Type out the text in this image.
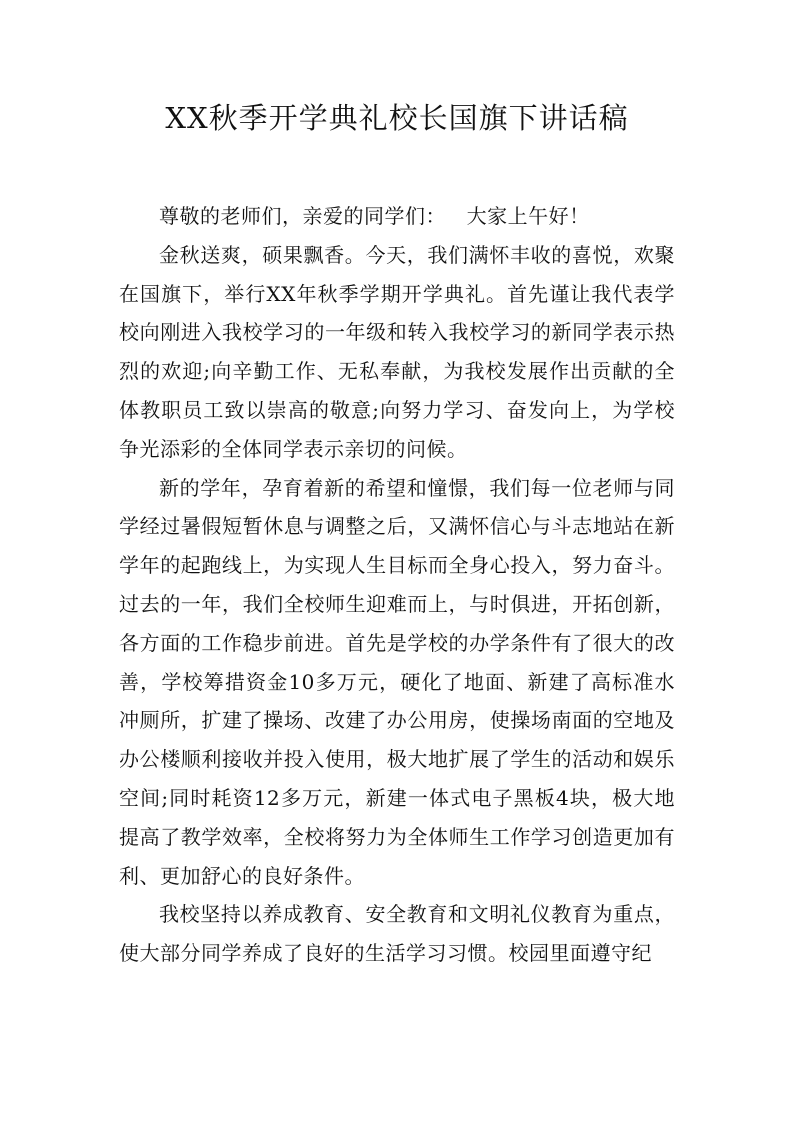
XX秋季开学典礼校长国旗下讲话稿

尊敬的老师们，亲爱的同学们：   大家上午好！

金秋送爽，硕果飘香。今天，我们满怀丰收的喜悦，欢聚在国旗下，举行XX年秋季学期开学典礼。首先谨让我代表学校向刚进入我校学习的一年级和转入我校学习的新同学表示热烈的欢迎;向辛勤工作、无私奉献，为我校发展作出贡献的全体教职员工致以崇高的敬意;向努力学习、奋发向上，为学校争光添彩的全体同学表示亲切的问候。

新的学年，孕育着新的希望和憧憬，我们每一位老师与同学经过暑假短暂休息与调整之后，又满怀信心与斗志地站在新学年的起跑线上，为实现人生目标而全身心投入，努力奋斗。过去的一年，我们全校师生迎难而上，与时俱进，开拓创新，各方面的工作稳步前进。首先是学校的办学条件有了很大的改善，学校筹措资金10多万元，硬化了地面、新建了高标准水冲厕所，扩建了操场、改建了办公用房，使操场南面的空地及办公楼顺利接收并投入使用，极大地扩展了学生的活动和娱乐空间;同时耗资12多万元，新建一体式电子黑板4块，极大地提高了教学效率，全校将努力为全体师生工作学习创造更加有利、更加舒心的良好条件。

我校坚持以养成教育、安全教育和文明礼仪教育为重点，使大部分同学养成了良好的生活学习习惯。校园里面遵守纪
